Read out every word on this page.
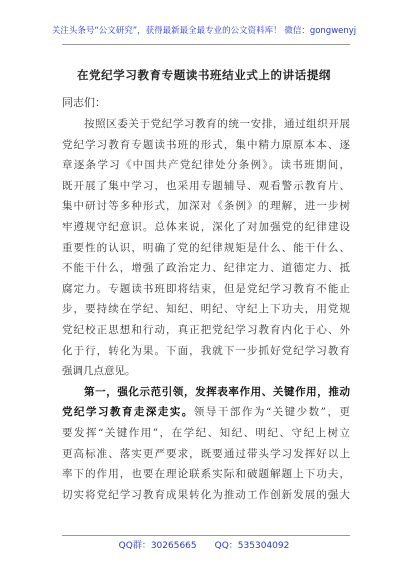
关注头条号“公文研究”，获得最新最全最专业的公文资料库！ 微信：gongwenyj
在党纪学习教育专题读书班结业式上的讲话提纲
同志们：
按照区委关于党纪学习教育的统一安排，通过组织开展
党纪学习教育专题读书班的形式，集中精力原原本本、逐
章逐条学习《中国共产党纪律处分条例》。读书班期间，
既开展了集中学习，也采用专题辅导、观看警示教育片、
集中研讨等多种形式，加深对《条例》的理解，进一步树
牢遵规守纪意识。总体来说，深化了对加强党的纪律建设
重要性的认识，明确了党的纪律规矩是什么、能干什么、
不能干什么，增强了政治定力、纪律定力、道德定力、抵
腐定力。专题读书班即将结束，但是党纪学习教育不能止
步，要持续在学纪、知纪、明纪、守纪上下功夫，用党规
党纪校正思想和行动，真正把党纪学习教育内化于心、外
化于行，转化为果。下面，我就下一步抓好党纪学习教育
强调几点意见。
第一，强化示范引领，发挥表率作用、关键作用，推动
党纪学习教育走深走实。领导干部作为“关键少数”，更
要发挥“关键作用”，在学纪、知纪、明纪、守纪上树立
更高标准、落实更严要求，既要通过带头学习发挥好以上
率下的作用，也要在理论联系实际和破题解题上下功夫，
切实将党纪学习教育成果转化为推动工作创新发展的强大
QQ群：30265665 QQ：535304092
